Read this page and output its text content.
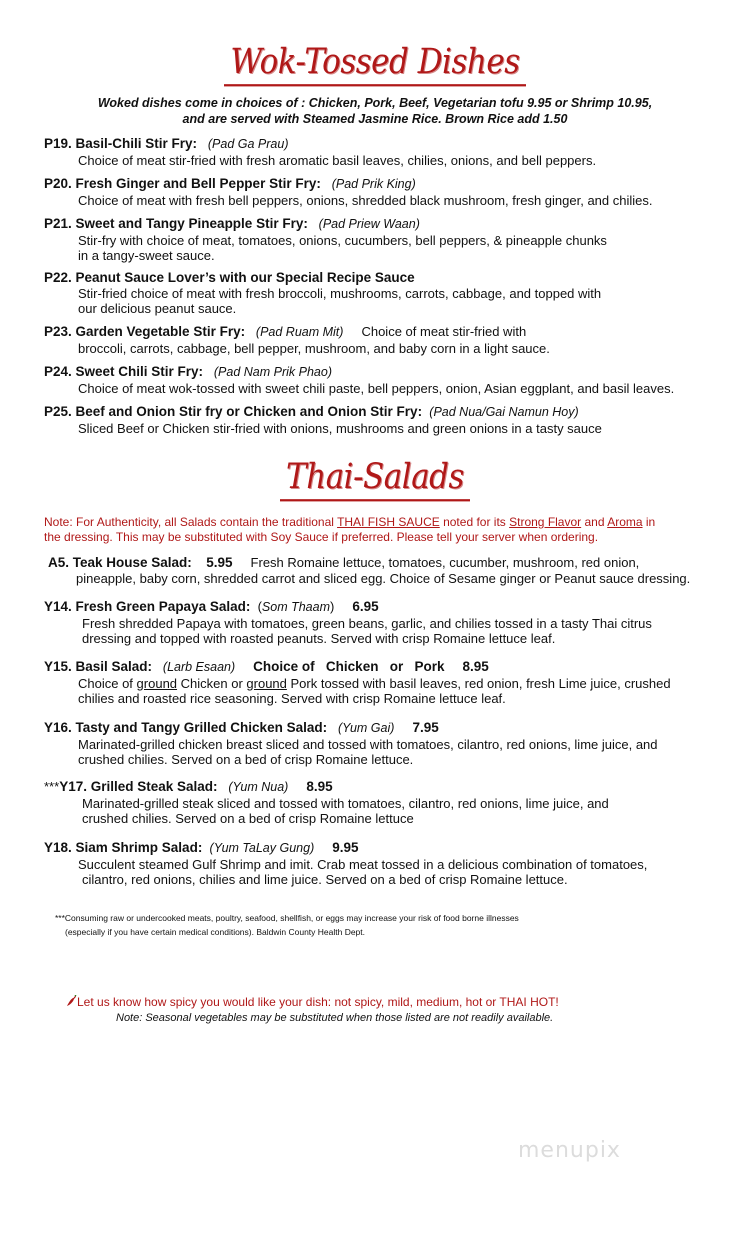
Wok-Tossed Dishes
Woked dishes come in choices of : Chicken, Pork, Beef, Vegetarian tofu 9.95 or Shrimp 10.95,
and are served with Steamed Jasmine Rice. Brown Rice add 1.50
P19. Basil-Chili Stir Fry: (Pad Ga Prau)
Choice of meat stir-fried with fresh aromatic basil leaves, chilies, onions, and bell peppers.
P20. Fresh Ginger and Bell Pepper Stir Fry: (Pad Prik King)
Choice of meat with fresh bell peppers, onions, shredded black mushroom, fresh ginger, and chilies.
P21. Sweet and Tangy Pineapple Stir Fry: (Pad Priew Waan)
Stir-fry with choice of meat, tomatoes, onions, cucumbers, bell peppers, & pineapple chunks
in a tangy-sweet sauce.
P22. Peanut Sauce Lover’s with our Special Recipe Sauce
Stir-fried choice of meat with fresh broccoli, mushrooms, carrots, cabbage, and topped with
our delicious peanut sauce.
P23. Garden Vegetable Stir Fry: (Pad Ruam Mit) Choice of meat stir-fried with
broccoli, carrots, cabbage, bell pepper, mushroom, and baby corn in a light sauce.
P24. Sweet Chili Stir Fry: (Pad Nam Prik Phao)
Choice of meat wok-tossed with sweet chili paste, bell peppers, onion, Asian eggplant, and basil leaves.
P25. Beef and Onion Stir fry or Chicken and Onion Stir Fry: (Pad Nua/Gai Namun Hoy)
Sliced Beef or Chicken stir-fried with onions, mushrooms and green onions in a tasty sauce
Thai-Salads
Note: For Authenticity, all Salads contain the traditional THAI FISH SAUCE noted for its Strong Flavor and Aroma in
the dressing. This may be substituted with Soy Sauce if preferred. Please tell your server when ordering.
A5. Teak House Salad: 5.95 Fresh Romaine lettuce, tomatoes, cucumber, mushroom, red onion,
pineapple, baby corn, shredded carrot and sliced egg. Choice of Sesame ginger or Peanut sauce dressing.
Y14. Fresh Green Papaya Salad:  (Som Thaam) 6.95
Fresh shredded Papaya with tomatoes, green beans, garlic, and chilies tossed in a tasty Thai citrus
dressing and topped with roasted peanuts. Served with crisp Romaine lettuce leaf.
Y15. Basil Salad: (Larb Esaan) Choice of   Chicken   or   Pork 8.95
Choice of ground Chicken or ground Pork tossed with basil leaves, red onion, fresh Lime juice, crushed
chilies and roasted rice seasoning. Served with crisp Romaine lettuce leaf.
Y16. Tasty and Tangy Grilled Chicken Salad: (Yum Gai) 7.95
Marinated-grilled chicken breast sliced and tossed with tomatoes, cilantro, red onions, lime juice, and
crushed chilies. Served on a bed of crisp Romaine lettuce.
***Y17. Grilled Steak Salad: (Yum Nua) 8.95
Marinated-grilled steak sliced and tossed with tomatoes, cilantro, red onions, lime juice, and
crushed chilies. Served on a bed of crisp Romaine lettuce
Y18. Siam Shrimp Salad: (Yum TaLay Gung) 9.95
Succulent steamed Gulf Shrimp and imit. Crab meat tossed in a delicious combination of tomatoes,
cilantro, red onions, chilies and lime juice. Served on a bed of crisp Romaine lettuce.
***Consuming raw or undercooked meats, poultry, seafood, shellfish, or eggs may increase your risk of food borne illnesses
(especially if you have certain medical conditions). Baldwin County Health Dept.
Let us know how spicy you would like your dish: not spicy, mild, medium, hot or THAI HOT!
Note: Seasonal vegetables may be substituted when those listed are not readily available.
menupix
